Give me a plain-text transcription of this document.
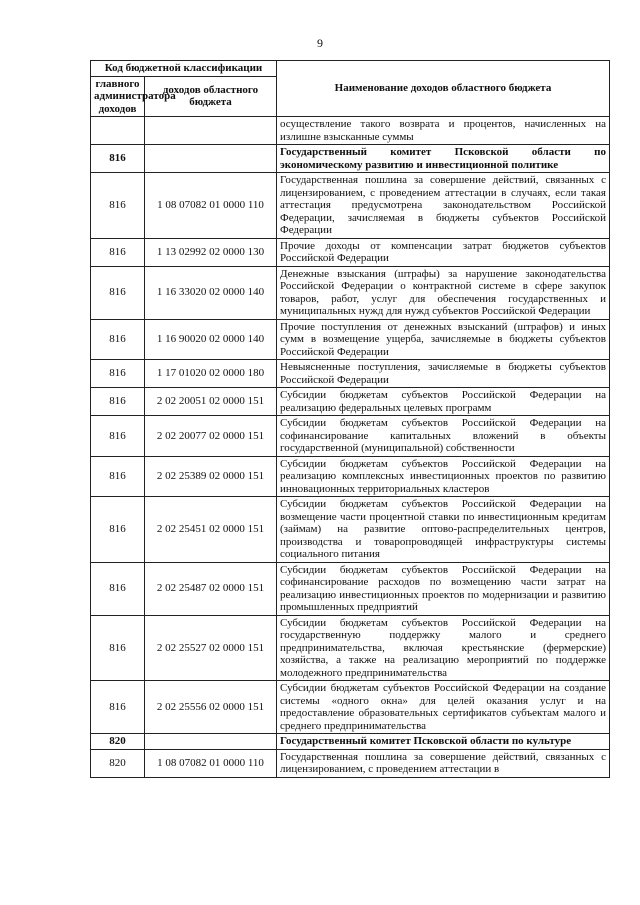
9
Код бюджетной классификации		Наименование доходов областного бюджета
главного администратора доходов	доходов областного бюджета	
		осуществление такого возврата и процентов, начисленных на излишне взысканные суммы
816		Государственный комитет Псковской области по экономическому развитию и инвестиционной политике
816	1 08 07082 01 0000 110	Государственная пошлина за совершение действий, связанных с лицензированием, с проведением аттестации в случаях, если такая аттестация предусмотрена законодательством Российской Федерации, зачисляемая в бюджеты субъектов Российской Федерации
816	1 13 02992 02 0000 130	Прочие доходы от компенсации затрат бюджетов субъектов Российской Федерации
816	1 16 33020 02 0000 140	Денежные взыскания (штрафы) за нарушение законодательства Российской Федерации о контрактной системе в сфере закупок товаров, работ, услуг для обеспечения государственных и муниципальных нужд для нужд субъектов Российской Федерации
816	1 16 90020 02 0000 140	Прочие поступления от денежных взысканий (штрафов) и иных сумм в возмещение ущерба, зачисляемые в бюджеты субъектов Российской Федерации
816	1 17 01020 02 0000 180	Невыясненные поступления, зачисляемые в бюджеты субъектов Российской Федерации
816	2 02 20051 02 0000 151	Субсидии бюджетам субъектов Российской Федерации на реализацию федеральных целевых программ
816	2 02 20077 02 0000 151	Субсидии бюджетам субъектов Российской Федерации на софинансирование капитальных вложений в объекты государственной (муниципальной) собственности
816	2 02 25389 02 0000 151	Субсидии бюджетам субъектов Российской Федерации на реализацию комплексных инвестиционных проектов по развитию инновационных территориальных кластеров
816	2 02 25451 02 0000 151	Субсидии бюджетам субъектов Российской Федерации на возмещение части процентной ставки по инвестиционным кредитам (займам) на развитие оптово-распределительных центров, производства и товаропроводящей инфраструктуры системы социального питания
816	2 02 25487 02 0000 151	Субсидии бюджетам субъектов Российской Федерации на софинансирование расходов по возмещению части затрат на реализацию инвестиционных проектов по модернизации и развитию промышленных предприятий
816	2 02 25527 02 0000 151	Субсидии бюджетам субъектов Российской Федерации на государственную поддержку малого и среднего предпринимательства, включая крестьянские (фермерские) хозяйства, а также на реализацию мероприятий по поддержке молодежного предпринимательства
816	2 02 25556 02 0000 151	Субсидии бюджетам субъектов Российской Федерации на создание системы «одного окна» для целей оказания услуг и на предоставление образовательных сертификатов субъектам малого и среднего предпринимательства
820		Государственный комитет Псковской области по культуре
820	1 08 07082 01 0000 110	Государственная пошлина за совершение действий, связанных с лицензированием, с проведением аттестации в
